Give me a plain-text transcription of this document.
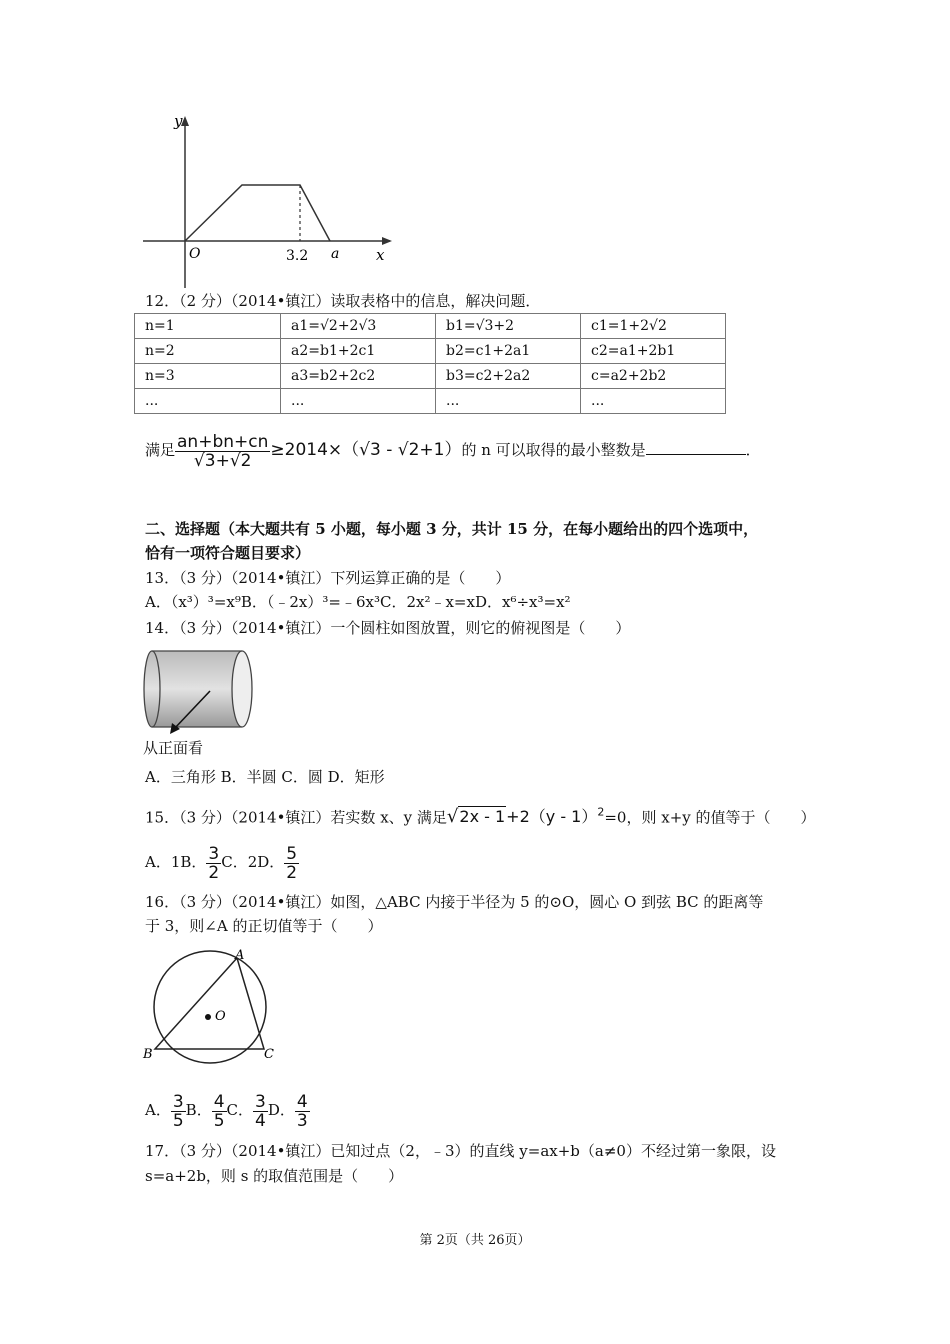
y
x
O	3.2 a
12．（2 分）（2014•镇江）读取表格中的信息，解决问题．
n=1	a1=√2+2√3	b1=√3+2	c1=1+2√2
n=2	a2=b1+2c1	b2=c1+2a1	c2=a1+2b1
n=3	a3=b2+2c2	b3=c2+2a2	c=a2+2b2
...	...	...	...
满足 $\frac{an+bn+cn}{√3+√2} \ge 2014\times(√3 - √2+1)$的 n 可以取得的最小整数是	．
二、选择题（本大题共有 5 小题，每小题 3 分，共计 15 分，在每小题给出的四个选项中，
恰有一项符合题目要求）
13．（3 分）（2014•镇江）下列运算正确的是（　　）
A．（x³）³=x⁹B．（﹣2x）³=﹣6x³C．2x²﹣x=xD．x⁶÷x³=x²
14．（3 分）（2014•镇江）一个圆柱如图放置，则它的俯视图是（　　）
从正面看
A．三角形 B．半圆 C．圆 D．矩形
15．（3 分）（2014•镇江）若实数 x、y 满足√2x - 1+2（y - 1）$^2$=0，则 x+y 的值等于（　　）
A．1B． $\frac{3}{2}$ C．2D． $\frac{5}{2}$
16．（3 分）（2014•镇江）如图，△ABC 内接于半径为 5 的⊙O，圆心 O 到弦 BC 的距离等
于 3，则∠A 的正切值等于（　　）
A
B	C
O
A． $\frac{3}{5}$ B． $\frac{4}{5}$ C． $\frac{3}{4}$ D． $\frac{4}{3}$
17．（3 分）（2014•镇江）已知过点（2，﹣3）的直线 y=ax+b（a≠0）不经过第一象限，设
s=a+2b，则 s 的取值范围是（　　）
第 2页（共 26页）
